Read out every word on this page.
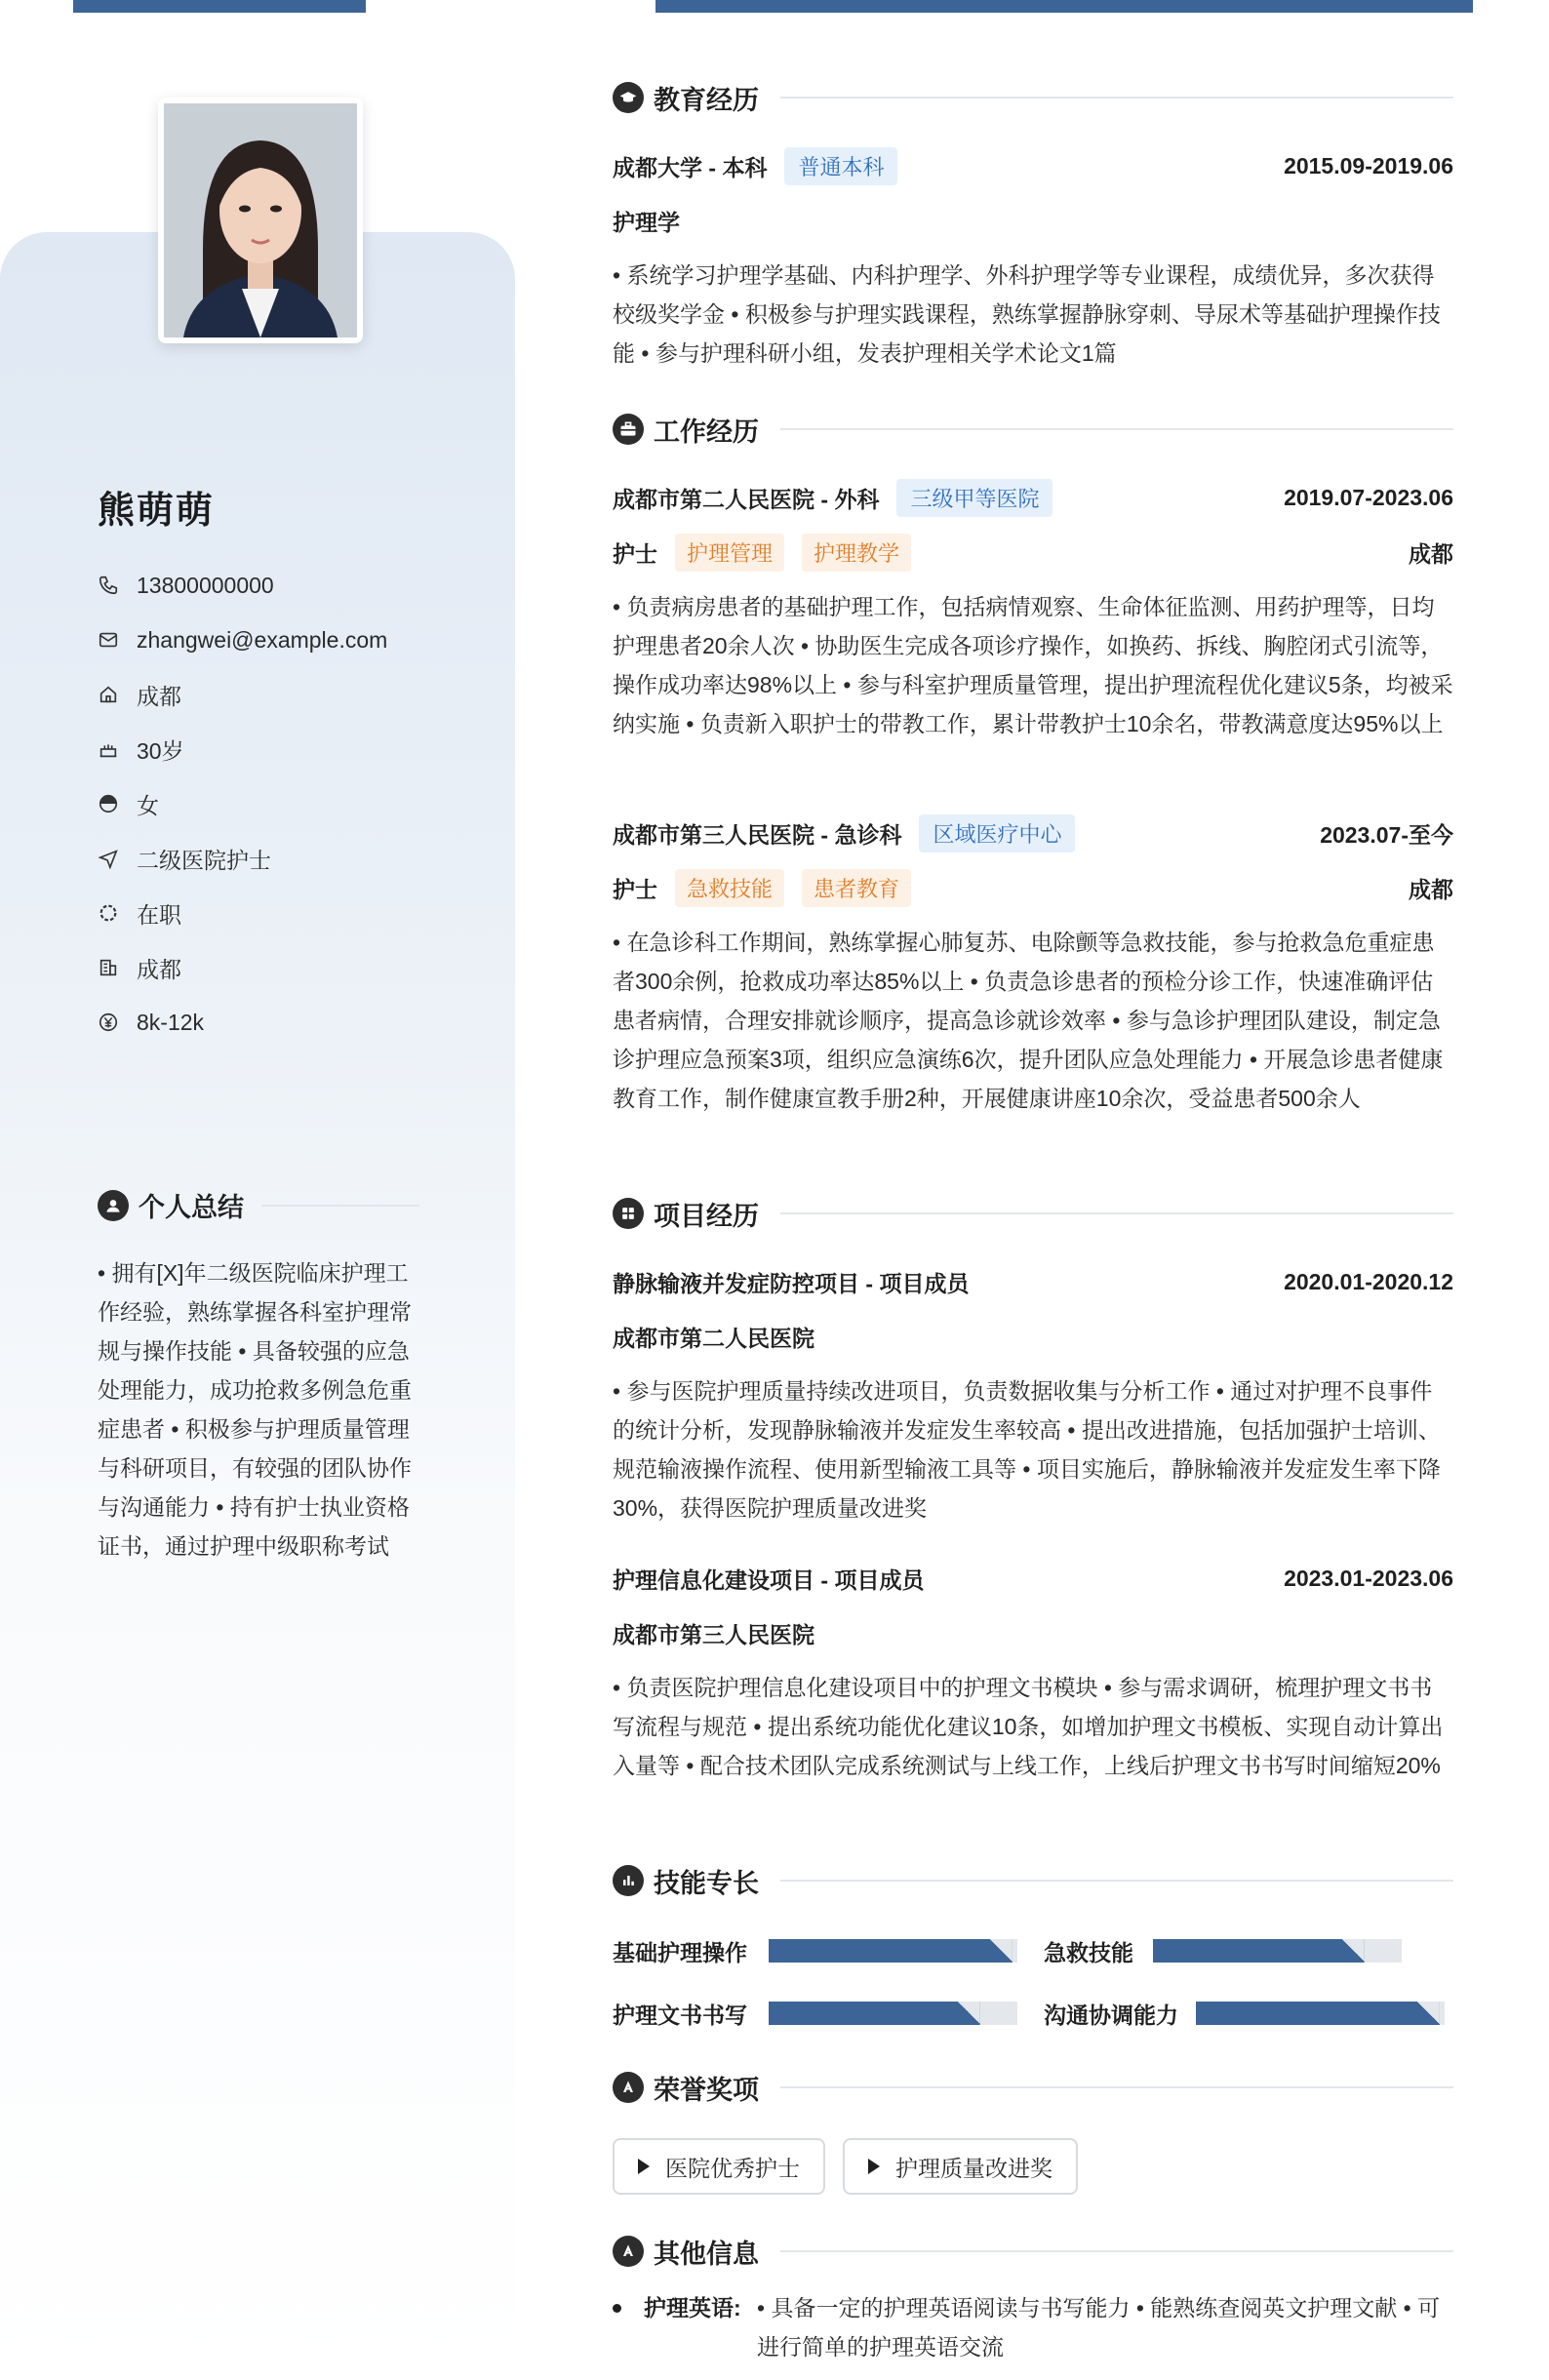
熊萌萌
13800000000
zhangwei@example.com
成都
30岁
女
二级医院护士
在职
成都
8k-12k
个人总结
• 拥有[X]年二级医院临床护理工作经验，熟练掌握各科室护理常规与操作技能 • 具备较强的应急处理能力，成功抢救多例急危重症患者 • 积极参与护理质量管理与科研项目，有较强的团队协作与沟通能力 • 持有护士执业资格证书，通过护理中级职称考试
教育经历
成都大学 - 本科	普通本科	2015.09-2019.06
护理学
• 系统学习护理学基础、内科护理学、外科护理学等专业课程，成绩优异，多次获得校级奖学金 • 积极参与护理实践课程，熟练掌握静脉穿刺、导尿术等基础护理操作技能 • 参与护理科研小组，发表护理相关学术论文1篇
工作经历
成都市第二人民医院 - 外科	三级甲等医院	2019.07-2023.06
护士	护理管理	护理教学	成都
• 负责病房患者的基础护理工作，包括病情观察、生命体征监测、用药护理等，日均护理患者20余人次 • 协助医生完成各项诊疗操作，如换药、拆线、胸腔闭式引流等，操作成功率达98%以上 • 参与科室护理质量管理，提出护理流程优化建议5条，均被采纳实施 • 负责新入职护士的带教工作，累计带教护士10余名，带教满意度达95%以上
成都市第三人民医院 - 急诊科	区域医疗中心	2023.07-至今
护士	急救技能	患者教育	成都
• 在急诊科工作期间，熟练掌握心肺复苏、电除颤等急救技能，参与抢救急危重症患者300余例，抢救成功率达85%以上 • 负责急诊患者的预检分诊工作，快速准确评估患者病情，合理安排就诊顺序，提高急诊就诊效率 • 参与急诊护理团队建设，制定急诊护理应急预案3项，组织应急演练6次，提升团队应急处理能力 • 开展急诊患者健康教育工作，制作健康宣教手册2种，开展健康讲座10余次，受益患者500余人
项目经历
静脉输液并发症防控项目 - 项目成员	2020.01-2020.12
成都市第二人民医院
• 参与医院护理质量持续改进项目，负责数据收集与分析工作 • 通过对护理不良事件的统计分析，发现静脉输液并发症发生率较高 • 提出改进措施，包括加强护士培训、规范输液操作流程、使用新型输液工具等 • 项目实施后，静脉输液并发症发生率下降30%，获得医院护理质量改进奖
护理信息化建设项目 - 项目成员	2023.01-2023.06
成都市第三人民医院
• 负责医院护理信息化建设项目中的护理文书模块 • 参与需求调研，梳理护理文书书写流程与规范 • 提出系统功能优化建议10条，如增加护理文书模板、实现自动计算出入量等 • 配合技术团队完成系统测试与上线工作，上线后护理文书书写时间缩短20%
技能专长
基础护理操作	急救技能
护理文书书写	沟通协调能力
荣誉奖项
医院优秀护士	护理质量改进奖
其他信息
护理英语: • 具备一定的护理英语阅读与书写能力 • 能熟练查阅英文护理文献 • 可进行简单的护理英语交流
